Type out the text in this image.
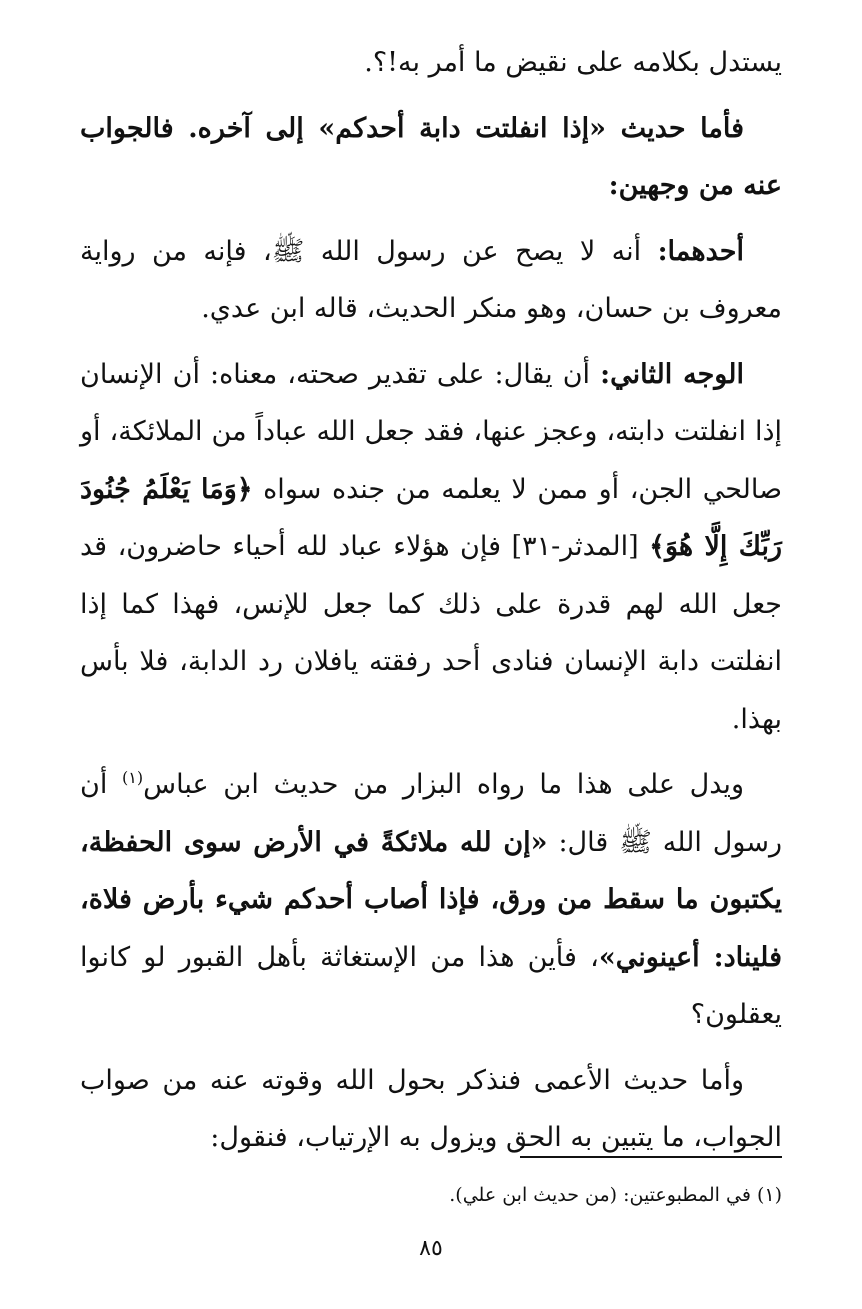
يستدل بكلامه على نقيض ما أمر به!؟.

فأما حديث «إذا انفلتت دابة أحدكم» إلى آخره. فالجواب عنه من وجهين:

أحدهما: أنه لا يصح عن رسول الله ﷺ، فإنه من رواية معروف بن حسان، وهو منكر الحديث، قاله ابن عدي.

الوجه الثاني: أن يقال: على تقدير صحته، معناه: أن الإنسان إذا انفلتت دابته، وعجز عنها، فقد جعل الله عباداً من الملائكة، أو صالحي الجن، أو ممن لا يعلمه من جنده سواه ﴿وَمَا يَعْلَمُ جُنُودَ رَبِّكَ إِلَّا هُوَ﴾ [المدثر-٣١] فإن هؤلاء عباد لله أحياء حاضرون، قد جعل الله لهم قدرة على ذلك كما جعل للإنس، فهذا كما إذا انفلتت دابة الإنسان فنادى أحد رفقته يافلان رد الدابة، فلا بأس بهذا.

ويدل على هذا ما رواه البزار من حديث ابن عباس$^{(١)}$ أن رسول الله ﷺ قال: «إن لله ملائكةً في الأرض سوى الحفظة، يكتبون ما سقط من ورق، فإذا أصاب أحدكم شيء بأرض فلاة، فليناد: أعينوني»، فأين هذا من الإستغاثة بأهل القبور لو كانوا يعقلون؟

وأما حديث الأعمى فنذكر بحول الله وقوته عنه من صواب الجواب، ما يتبين به الحق ويزول به الإرتياب، فنقول:

(١) في المطبوعتين: (من حديث ابن علي).
٨٥
